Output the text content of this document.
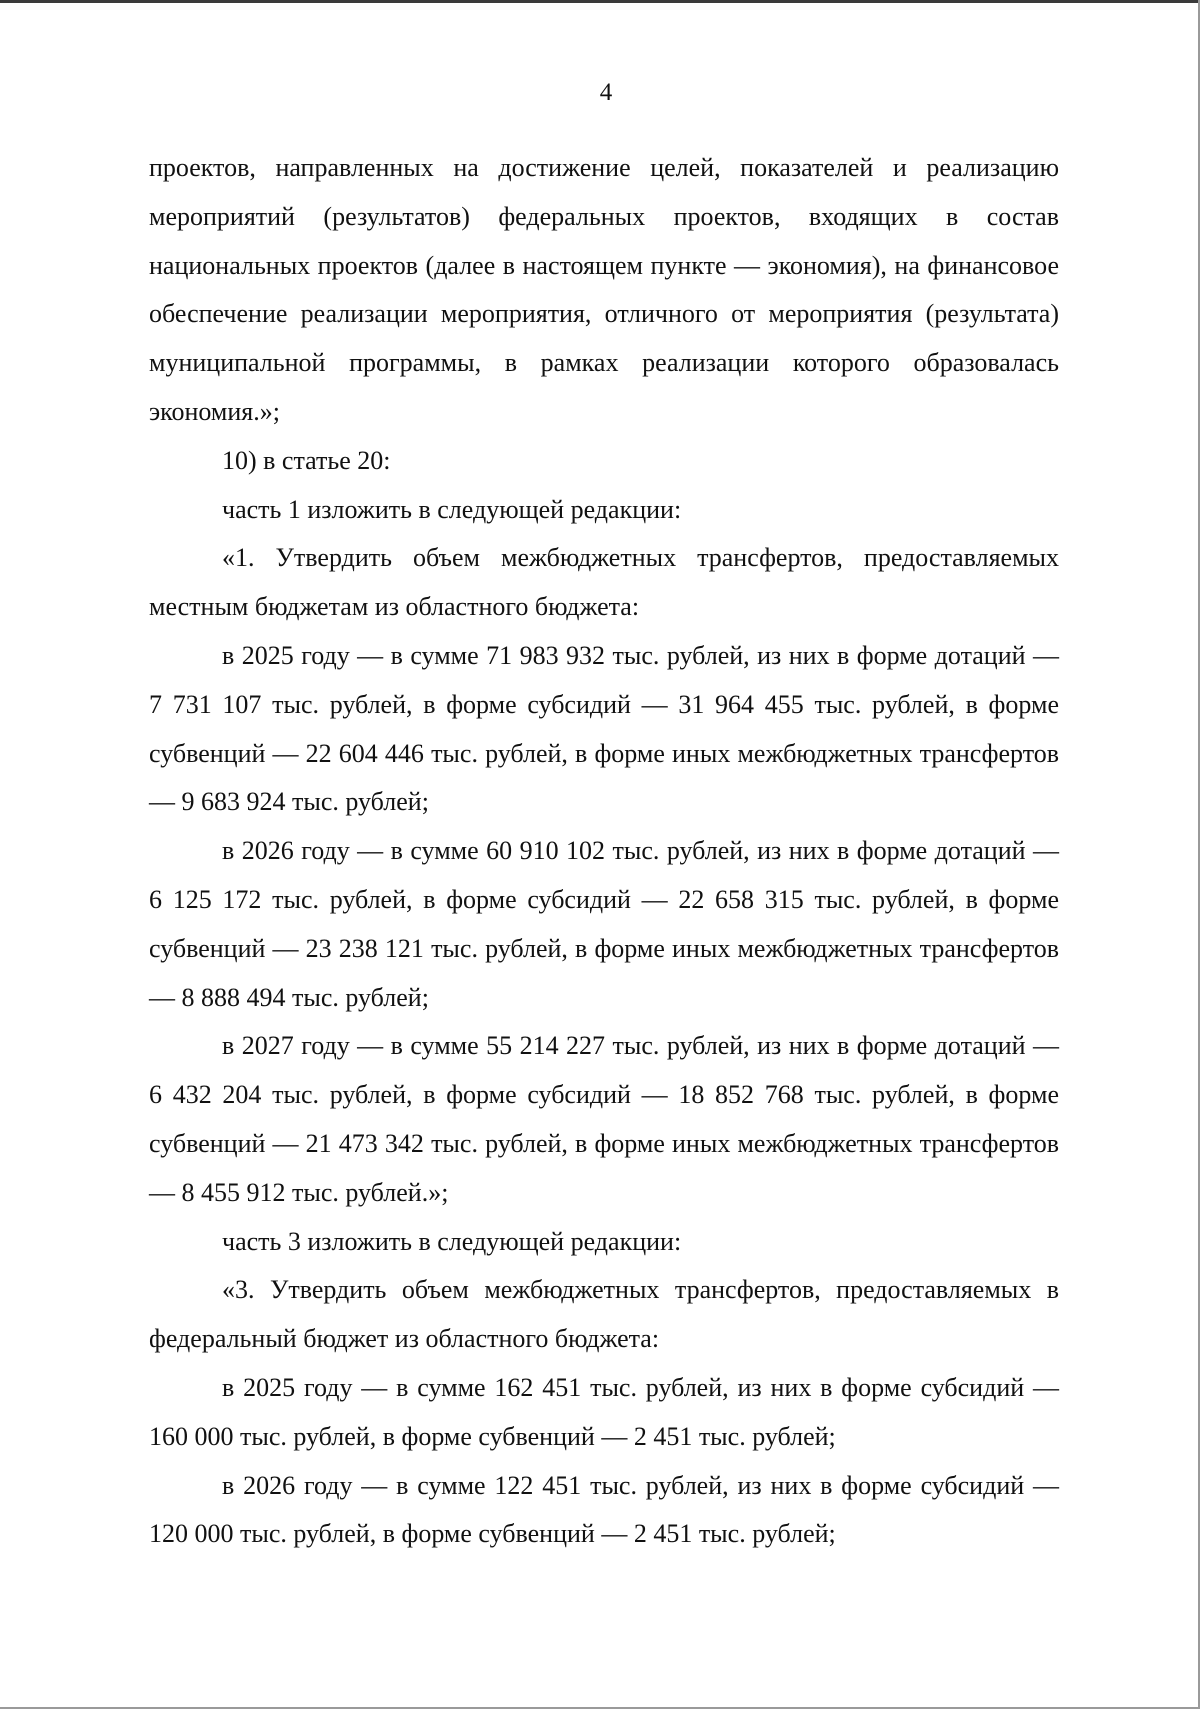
4

проектов, направленных на достижение целей, показателей и реализацию мероприятий (результатов) федеральных проектов, входящих в состав национальных проектов (далее в настоящем пункте — экономия), на финансовое обеспечение реализации мероприятия, отличного от мероприятия (результата) муниципальной программы, в рамках реализации которого образовалась экономия.»;

10) в статье 20:

часть 1 изложить в следующей редакции:

«1. Утвердить объем межбюджетных трансфертов, предоставляемых местным бюджетам из областного бюджета:

в 2025 году — в сумме 71 983 932 тыс. рублей, из них в форме дотаций — 7 731 107 тыс. рублей, в форме субсидий — 31 964 455 тыс. рублей, в форме субвенций — 22 604 446 тыс. рублей, в форме иных межбюджетных трансфертов — 9 683 924 тыс. рублей;

в 2026 году — в сумме 60 910 102 тыс. рублей, из них в форме дотаций — 6 125 172 тыс. рублей, в форме субсидий — 22 658 315 тыс. рублей, в форме субвенций — 23 238 121 тыс. рублей, в форме иных межбюджетных трансфертов — 8 888 494 тыс. рублей;

в 2027 году — в сумме 55 214 227 тыс. рублей, из них в форме дотаций — 6 432 204 тыс. рублей, в форме субсидий — 18 852 768 тыс. рублей, в форме субвенций — 21 473 342 тыс. рублей, в форме иных межбюджетных трансфертов — 8 455 912 тыс. рублей.»;

часть 3 изложить в следующей редакции:

«3. Утвердить объем межбюджетных трансфертов, предоставляемых в федеральный бюджет из областного бюджета:

в 2025 году — в сумме 162 451 тыс. рублей, из них в форме субсидий — 160 000 тыс. рублей, в форме субвенций — 2 451 тыс. рублей;

в 2026 году — в сумме 122 451 тыс. рублей, из них в форме субсидий — 120 000 тыс. рублей, в форме субвенций — 2 451 тыс. рублей;
